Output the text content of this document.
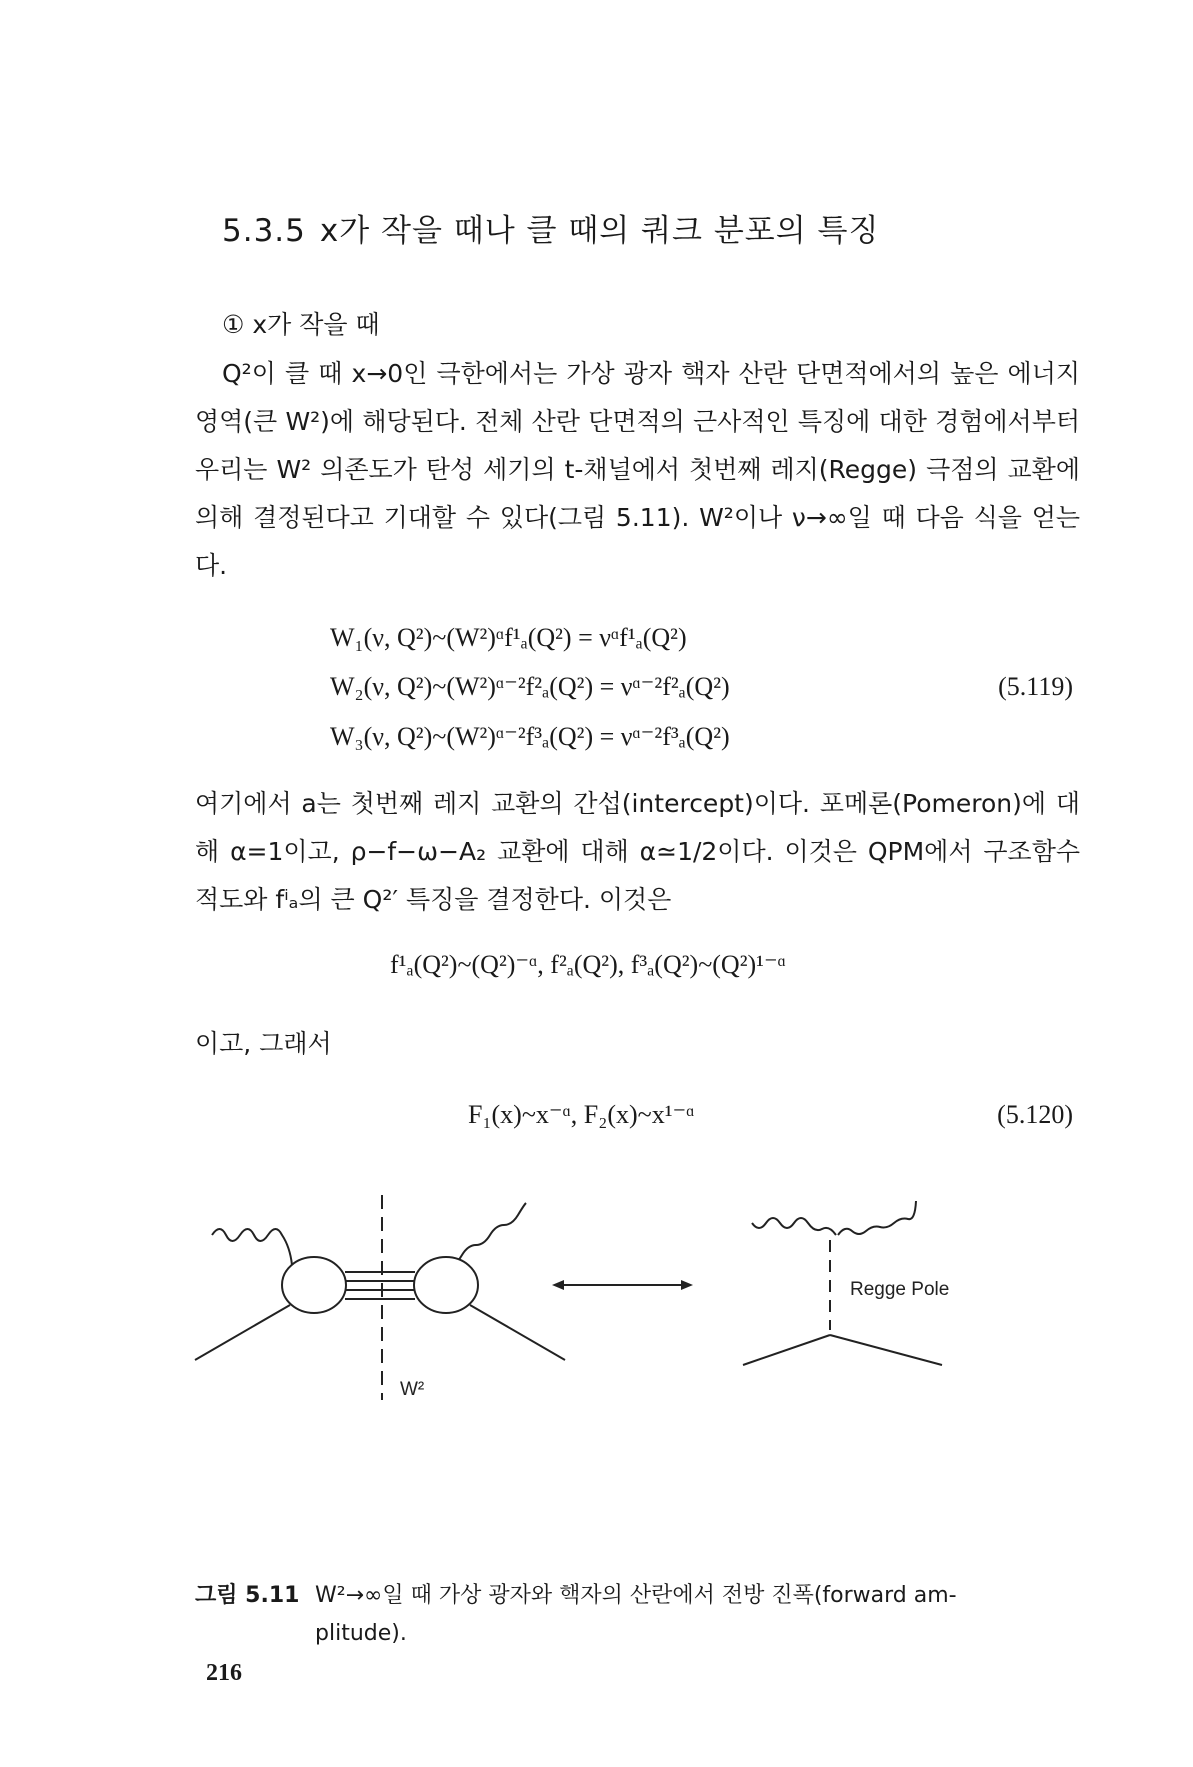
5.3.5 x가 작을 때나 클 때의 쿼크 분포의 특징
① x가 작을 때
Q²이 클 때 x→0인 극한에서는 가상 광자 핵자 산란 단면적에서의 높은 에너지 영역(큰 W²)에 해당된다. 전체 산란 단면적의 근사적인 특징에 대한 경험에서부터 우리는 W² 의존도가 탄성 세기의 t-채널에서 첫번째 레지(Regge) 극점의 교환에 의해 결정된다고 기대할 수 있다(그림 5.11). W²이나 ν→∞일 때 다음 식을 얻는다.
W₁(ν, Q²)~(W²)ᵅf¹ₐ(Q²) = νᵅf¹ₐ(Q²)
W₂(ν, Q²)~(W²)ᵅ⁻²f²ₐ(Q²) = νᵅ⁻²f²ₐ(Q²)
W₃(ν, Q²)~(W²)ᵅ⁻²f³ₐ(Q²) = νᵅ⁻²f³ₐ(Q²)
(5.119)
여기에서 a는 첫번째 레지 교환의 간섭(intercept)이다. 포메론(Pomeron)에 대해 α=1이고, ρ−f−ω−A₂ 교환에 대해 α≃1/2이다. 이것은 QPM에서 구조함수 적도와 fⁱₐ의 큰 Q²′ 특징을 결정한다. 이것은
f¹ₐ(Q²)~(Q²)⁻ᵅ, f²ₐ(Q²), f³ₐ(Q²)~(Q²)¹⁻ᵅ
이고, 그래서
F₁(x)~x⁻ᵅ, F₂(x)~x¹⁻ᵅ	(5.120)
W²
Regge Pole
그림 5.11 W²→∞일 때 가상 광자와 핵자의 산란에서 전방 진폭(forward am-
plitude).
216
